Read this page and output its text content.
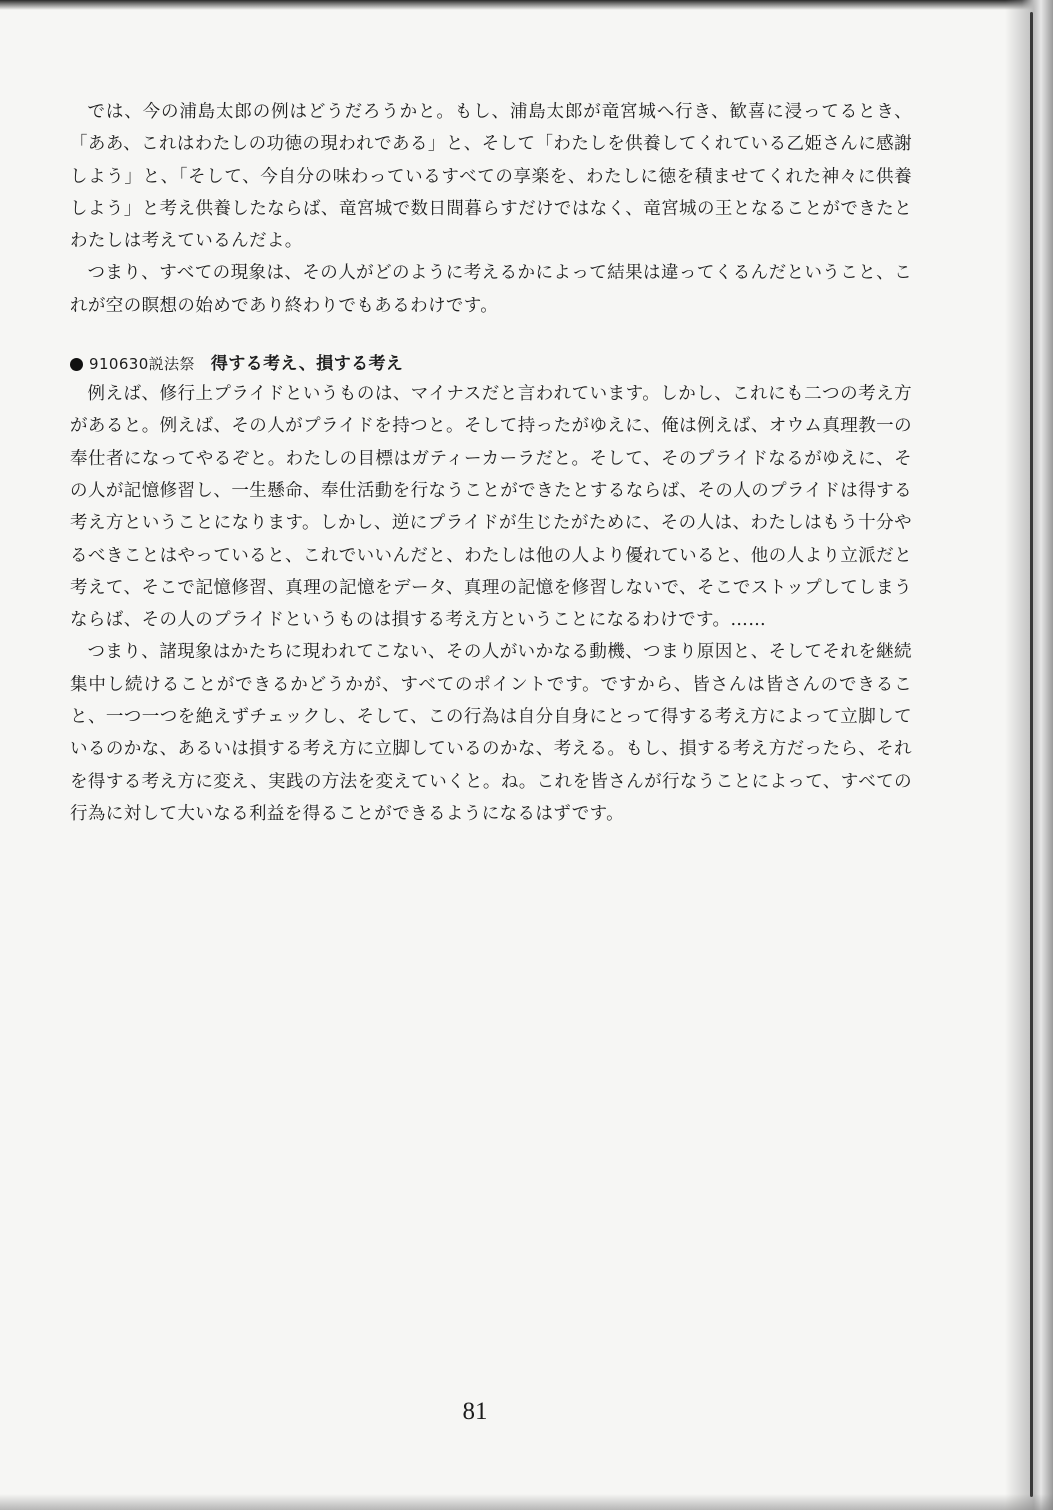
では、今の浦島太郎の例はどうだろうかと。もし、浦島太郎が竜宮城へ行き、歓喜に浸ってるとき、「ああ、これはわたしの功徳の現われである」と、そして「わたしを供養してくれている乙姫さんに感謝しよう」と、「そして、今自分の味わっているすべての享楽を、わたしに徳を積ませてくれた神々に供養しよう」と考え供養したならば、竜宮城で数日間暮らすだけではなく、竜宮城の王となることができたとわたしは考えているんだよ。

つまり、すべての現象は、その人がどのように考えるかによって結果は違ってくるんだということ、これが空の瞑想の始めであり終わりでもあるわけです。

910630説法祭 得する考え、損する考え

例えば、修行上プライドというものは、マイナスだと言われています。しかし、これにも二つの考え方があると。例えば、その人がプライドを持つと。そして持ったがゆえに、俺は例えば、オウム真理教一の奉仕者になってやるぞと。わたしの目標はガティーカーラだと。そして、そのプライドなるがゆえに、その人が記憶修習し、一生懸命、奉仕活動を行なうことができたとするならば、その人のプライドは得する考え方ということになります。しかし、逆にプライドが生じたがために、その人は、わたしはもう十分やるべきことはやっていると、これでいいんだと、わたしは他の人より優れていると、他の人より立派だと考えて、そこで記憶修習、真理の記憶をデータ、真理の記憶を修習しないで、そこでストップしてしまうならば、その人のプライドというものは損する考え方ということになるわけです。……

つまり、諸現象はかたちに現われてこない、その人がいかなる動機、つまり原因と、そしてそれを継続集中し続けることができるかどうかが、すべてのポイントです。ですから、皆さんは皆さんのできること、一つ一つを絶えずチェックし、そして、この行為は自分自身にとって得する考え方によって立脚しているのかな、あるいは損する考え方に立脚しているのかな、考える。もし、損する考え方だったら、それを得する考え方に変え、実践の方法を変えていくと。ね。これを皆さんが行なうことによって、すべての行為に対して大いなる利益を得ることができるようになるはずです。

81
